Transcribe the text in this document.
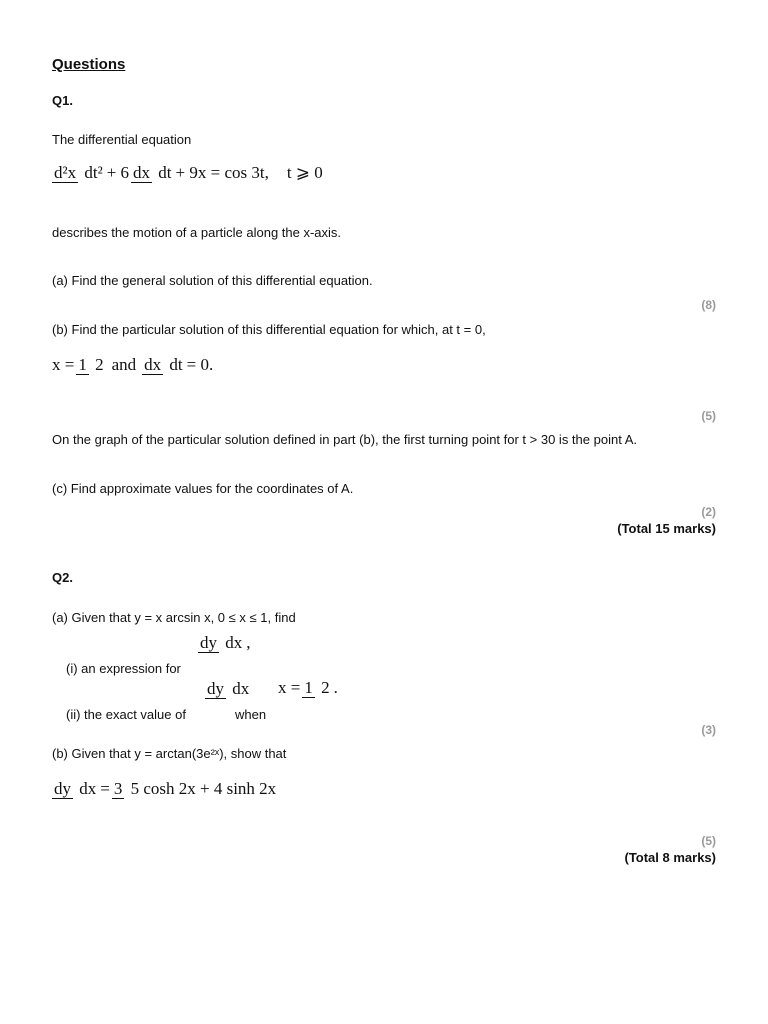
Questions
Q1.
The differential equation
d²x dt² + 6 dx dt + 9x = cos 3t, t ⩾ 0
describes the motion of a particle along the x-axis.
(a) Find the general solution of this differential equation.
(8)
(b) Find the particular solution of this differential equation for which, at t = 0,
x = 1 2 and dx dt = 0.
(5)
On the graph of the particular solution defined in part (b), the first turning point for t > 30 is the point A.
(c) Find approximate values for the coordinates of A.
(2)
(Total 15 marks)
Q2.
(a) Given that y = x arcsin x, 0 ≤ x ≤ 1, find
(i) an expression for
dy dx ,
(ii) the exact value of
dy dx
when
x = 1 2 .
(3)
(b) Given that y = arctan(3e²ˣ), show that
dy dx = 3 5 cosh 2x + 4 sinh 2x
(5)
(Total 8 marks)
